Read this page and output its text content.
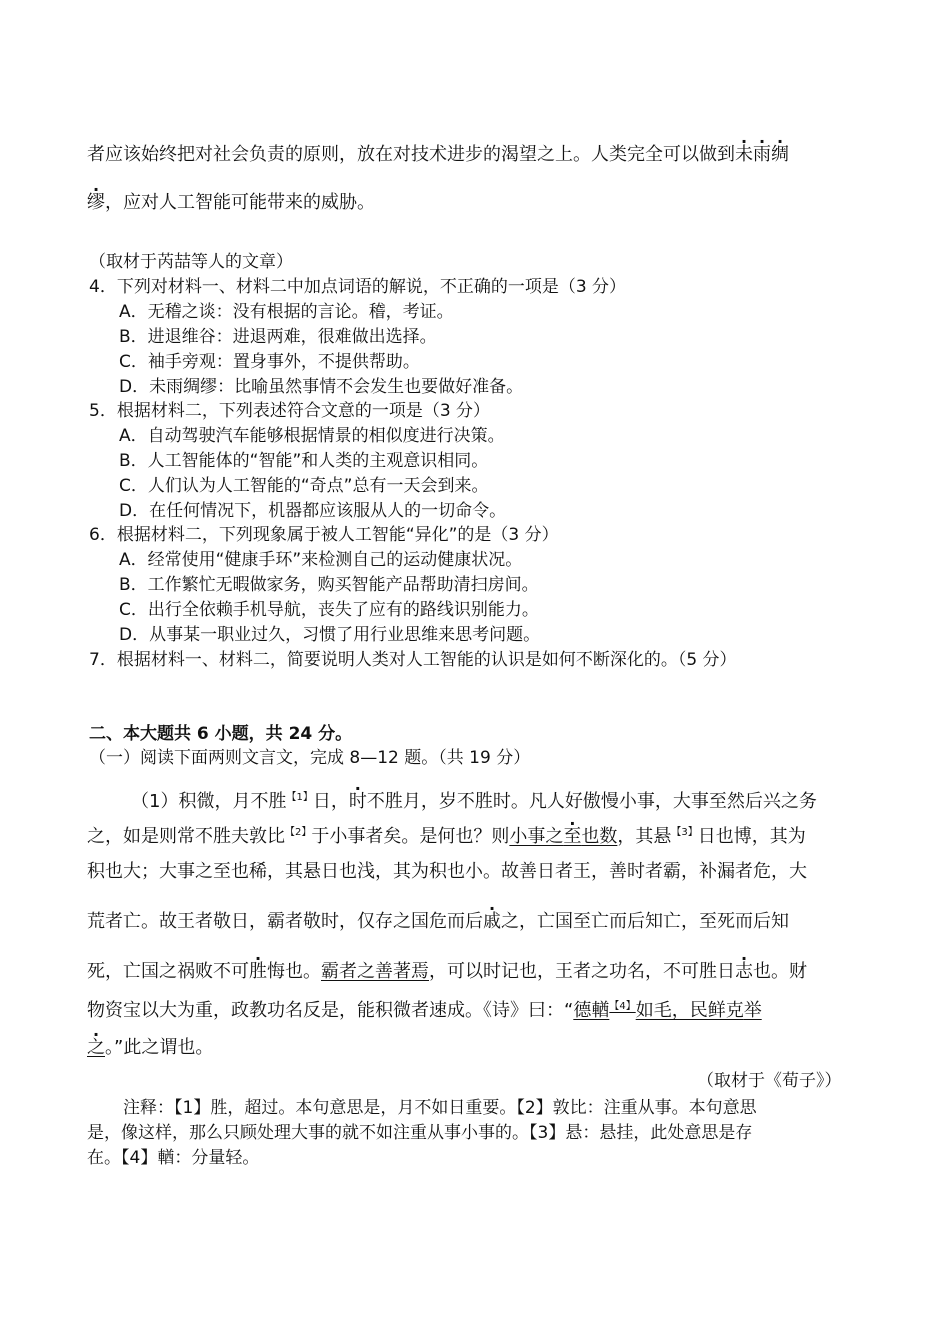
者应该始终把对社会负责的原则，放在对技术进步的渴望之上。人类完全可以做到未雨绸
缪，应对人工智能可能带来的威胁。
（取材于芮喆等人的文章）
4．下列对材料一、材料二中加点词语的解说，不正确的一项是（3 分）
A．无稽之谈：没有根据的言论。稽，考证。
B．进退维谷：进退两难，很难做出选择。
C．袖手旁观：置身事外，不提供帮助。
D．未雨绸缪：比喻虽然事情不会发生也要做好准备。
5．根据材料二，下列表述符合文意的一项是（3 分）
A．自动驾驶汽车能够根据情景的相似度进行决策。
B．人工智能体的“智能”和人类的主观意识相同。
C．人们认为人工智能的“奇点”总有一天会到来。
D．在任何情况下，机器都应该服从人的一切命令。
6．根据材料二，下列现象属于被人工智能“异化”的是（3 分）
A．经常使用“健康手环”来检测自己的运动健康状况。
B．工作繁忙无暇做家务，购买智能产品帮助清扫房间。
C．出行全依赖手机导航，丧失了应有的路线识别能力。
D．从事某一职业过久，习惯了用行业思维来思考问题。
7．根据材料一、材料二，简要说明人类对人工智能的认识是如何不断深化的。（5 分）
二、本大题共 6 小题，共 24 分。
（一）阅读下面两则文言文，完成 8—12 题。（共 19 分）
（1）积微，月不胜$^{【1】}$日，时不胜月，岁不胜时。凡人好傲慢小事，大事至然后兴之务
之，如是则常不胜夫敦比$^{【2】}$于小事者矣。是何也？则小事之至也数，其悬$^{【3】}$日也博，其为
积也大；大事之至也稀，其悬日也浅，其为积也小。故善日者王，善时者霸，补漏者危，大
荒者亡。故王者敬日，霸者敬时，仅存之国危而后戚之，亡国至亡而后知亡，至死而后知
死，亡国之祸败不可胜悔也。霸者之善著焉，可以时记也，王者之功名，不可胜日志也。财
物资宝以大为重，政教功名反是，能积微者速成。《诗》曰：“德輶$^{【4】}$如毛，民鲜克举
之。”此之谓也。
（取材于《荀子》）
注释：【1】胜，超过。本句意思是，月不如日重要。【2】敦比：注重从事。本句意思
是，像这样，那么只顾处理大事的就不如注重从事小事的。【3】悬：悬挂，此处意思是存
在。【4】輶：分量轻。
